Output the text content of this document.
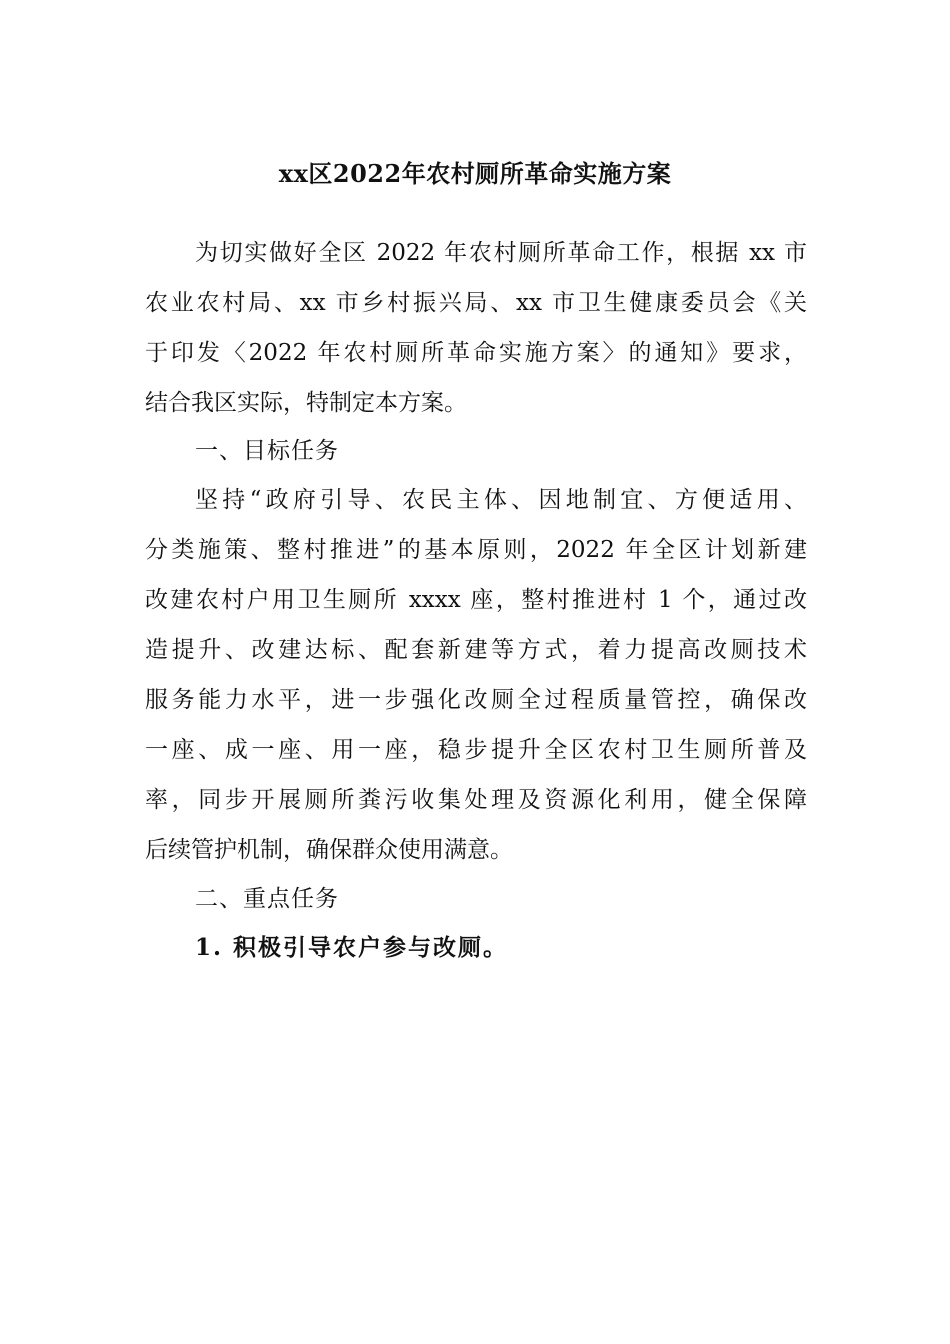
xx区2022年农村厕所革命实施方案
为切实做好全区 2022 年农村厕所革命工作，根据 xx 市
农业农村局、xx 市乡村振兴局、xx 市卫生健康委员会《关
于印发〈2022 年农村厕所革命实施方案〉的通知》要求，
结合我区实际，特制定本方案。
一、目标任务
坚持“政府引导、农民主体、因地制宜、方便适用、
分类施策、整村推进”的基本原则，2022 年全区计划新建
改建农村户用卫生厕所 xxxx 座，整村推进村 1 个，通过改
造提升、改建达标、配套新建等方式，着力提高改厕技术
服务能力水平，进一步强化改厕全过程质量管控，确保改
一座、成一座、用一座，稳步提升全区农村卫生厕所普及
率，同步开展厕所粪污收集处理及资源化利用，健全保障
后续管护机制，确保群众使用满意。
二、重点任务
1. 积极引导农户参与改厕。
